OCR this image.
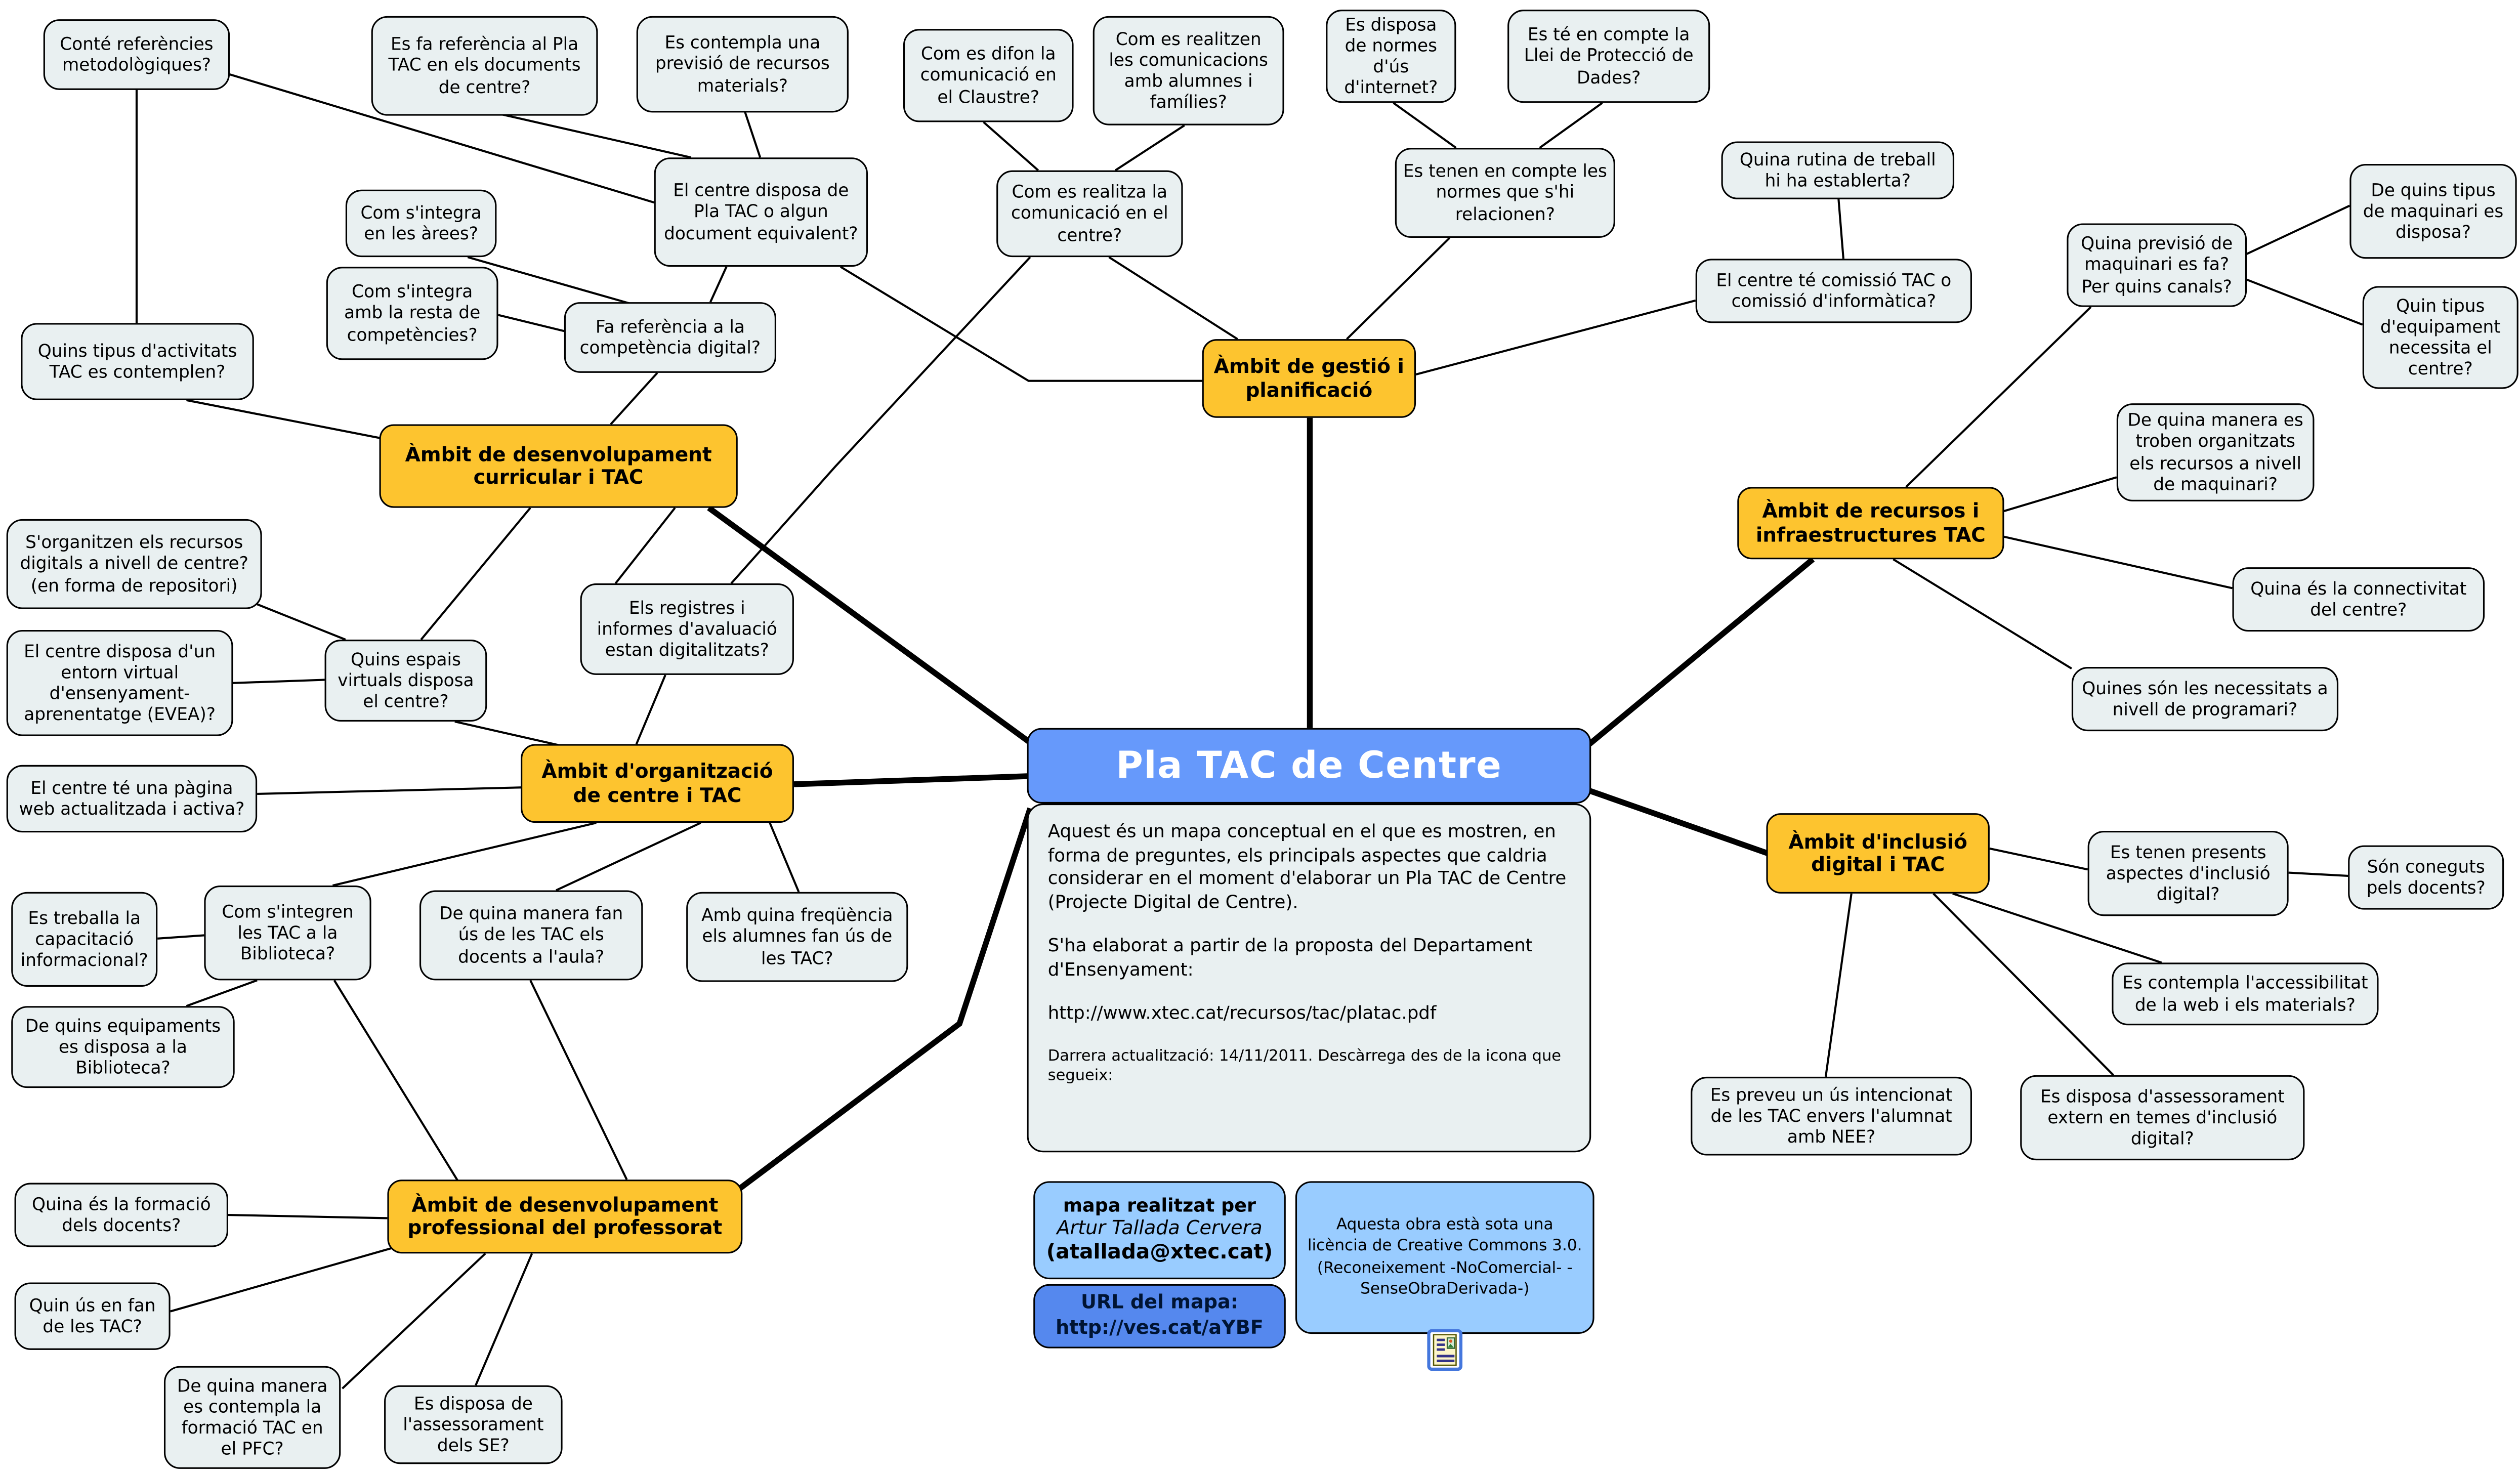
Conté referències metodològiques?
Es fa referència al Pla TAC en els documents de centre?
Es contempla una previsió de recursos materials?
El centre disposa de Pla TAC o algun document equivalent?
Com s'integra en les àrees?
Com s'integra amb la resta de competències?	Fa referència a la competència digital?
Quins tipus d'activitats TAC es contemplen?
Com es difon la comunicació en el Claustre?
Com es realitzen les comunicacions amb alumnes i famílies?
Com es realitza la comunicació en el centre?
Es disposa de normes d'ús d'internet?
Es té en compte la Llei de Protecció de Dades?
Es tenen en compte les normes que s'hi relacionen?
Quina rutina de treball hi ha establerta?
El centre té comissió TAC o comissió d'informàtica?
De quins tipus de maquinari es disposa?
Quina previsió de maquinari es fa? Per quins canals?
Quin tipus d'equipament necessita el centre?
De quina manera es troben organitzats els recursos a nivell de maquinari?
Quina és la connectivitat del centre?
Quines són les necessitats a nivell de programari?
S'organitzen els recursos digitals a nivell de centre? (en forma de repositori)
El centre disposa d'un entorn virtual d'ensenyament-aprenentatge (EVEA)?
Quins espais virtuals disposa el centre?
Els registres i informes d'avaluació estan digitalitzats?
El centre té una pàgina web actualitzada i activa?
Es treballa la capacitació informacional?
Com s'integren les TAC a la Biblioteca?
De quins equipaments es disposa a la Biblioteca?
De quina manera fan ús de les TAC els docents a l'aula?
Amb quina freqüència els alumnes fan ús de les TAC?
Quina és la formació dels docents?
Quin ús en fan de les TAC?
De quina manera es contempla la formació TAC en el PFC?
Es disposa de l'assessorament dels SE?
Es tenen presents aspectes d'inclusió digital?
Són coneguts pels docents?
Es contempla l'accessibilitat de la web i els materials?
Es preveu un ús intencionat de les TAC envers l'alumnat amb NEE?
Es disposa d'assessorament extern en temes d'inclusió digital?
Àmbit de desenvolupament curricular i TAC
Àmbit de gestió i planificació
Àmbit de recursos i infraestructures TAC
Àmbit d'inclusió digital i TAC
Àmbit d'organització de centre i TAC
Àmbit de desenvolupament professional del professorat
Pla TAC de Centre

Aquest és un mapa conceptual en el que es mostren, en forma de preguntes, els principals aspectes que caldria considerar en el moment d'elaborar un Pla TAC de Centre (Projecte Digital de Centre).

S'ha elaborat a partir de la proposta del Departament d'Ensenyament:

http://www.xtec.cat/recursos/tac/platac.pdf

Darrera actualització: 14/11/2011. Descàrrega des de la icona que segueix:

mapa realitzat per
Artur Tallada Cervera
(atallada@xtec.cat)
URL del mapa:
http://ves.cat/aYBF
Aquesta obra està sota una licència de Creative Commons 3.0. (Reconeixement -NoComercial- -SenseObraDerivada-)
